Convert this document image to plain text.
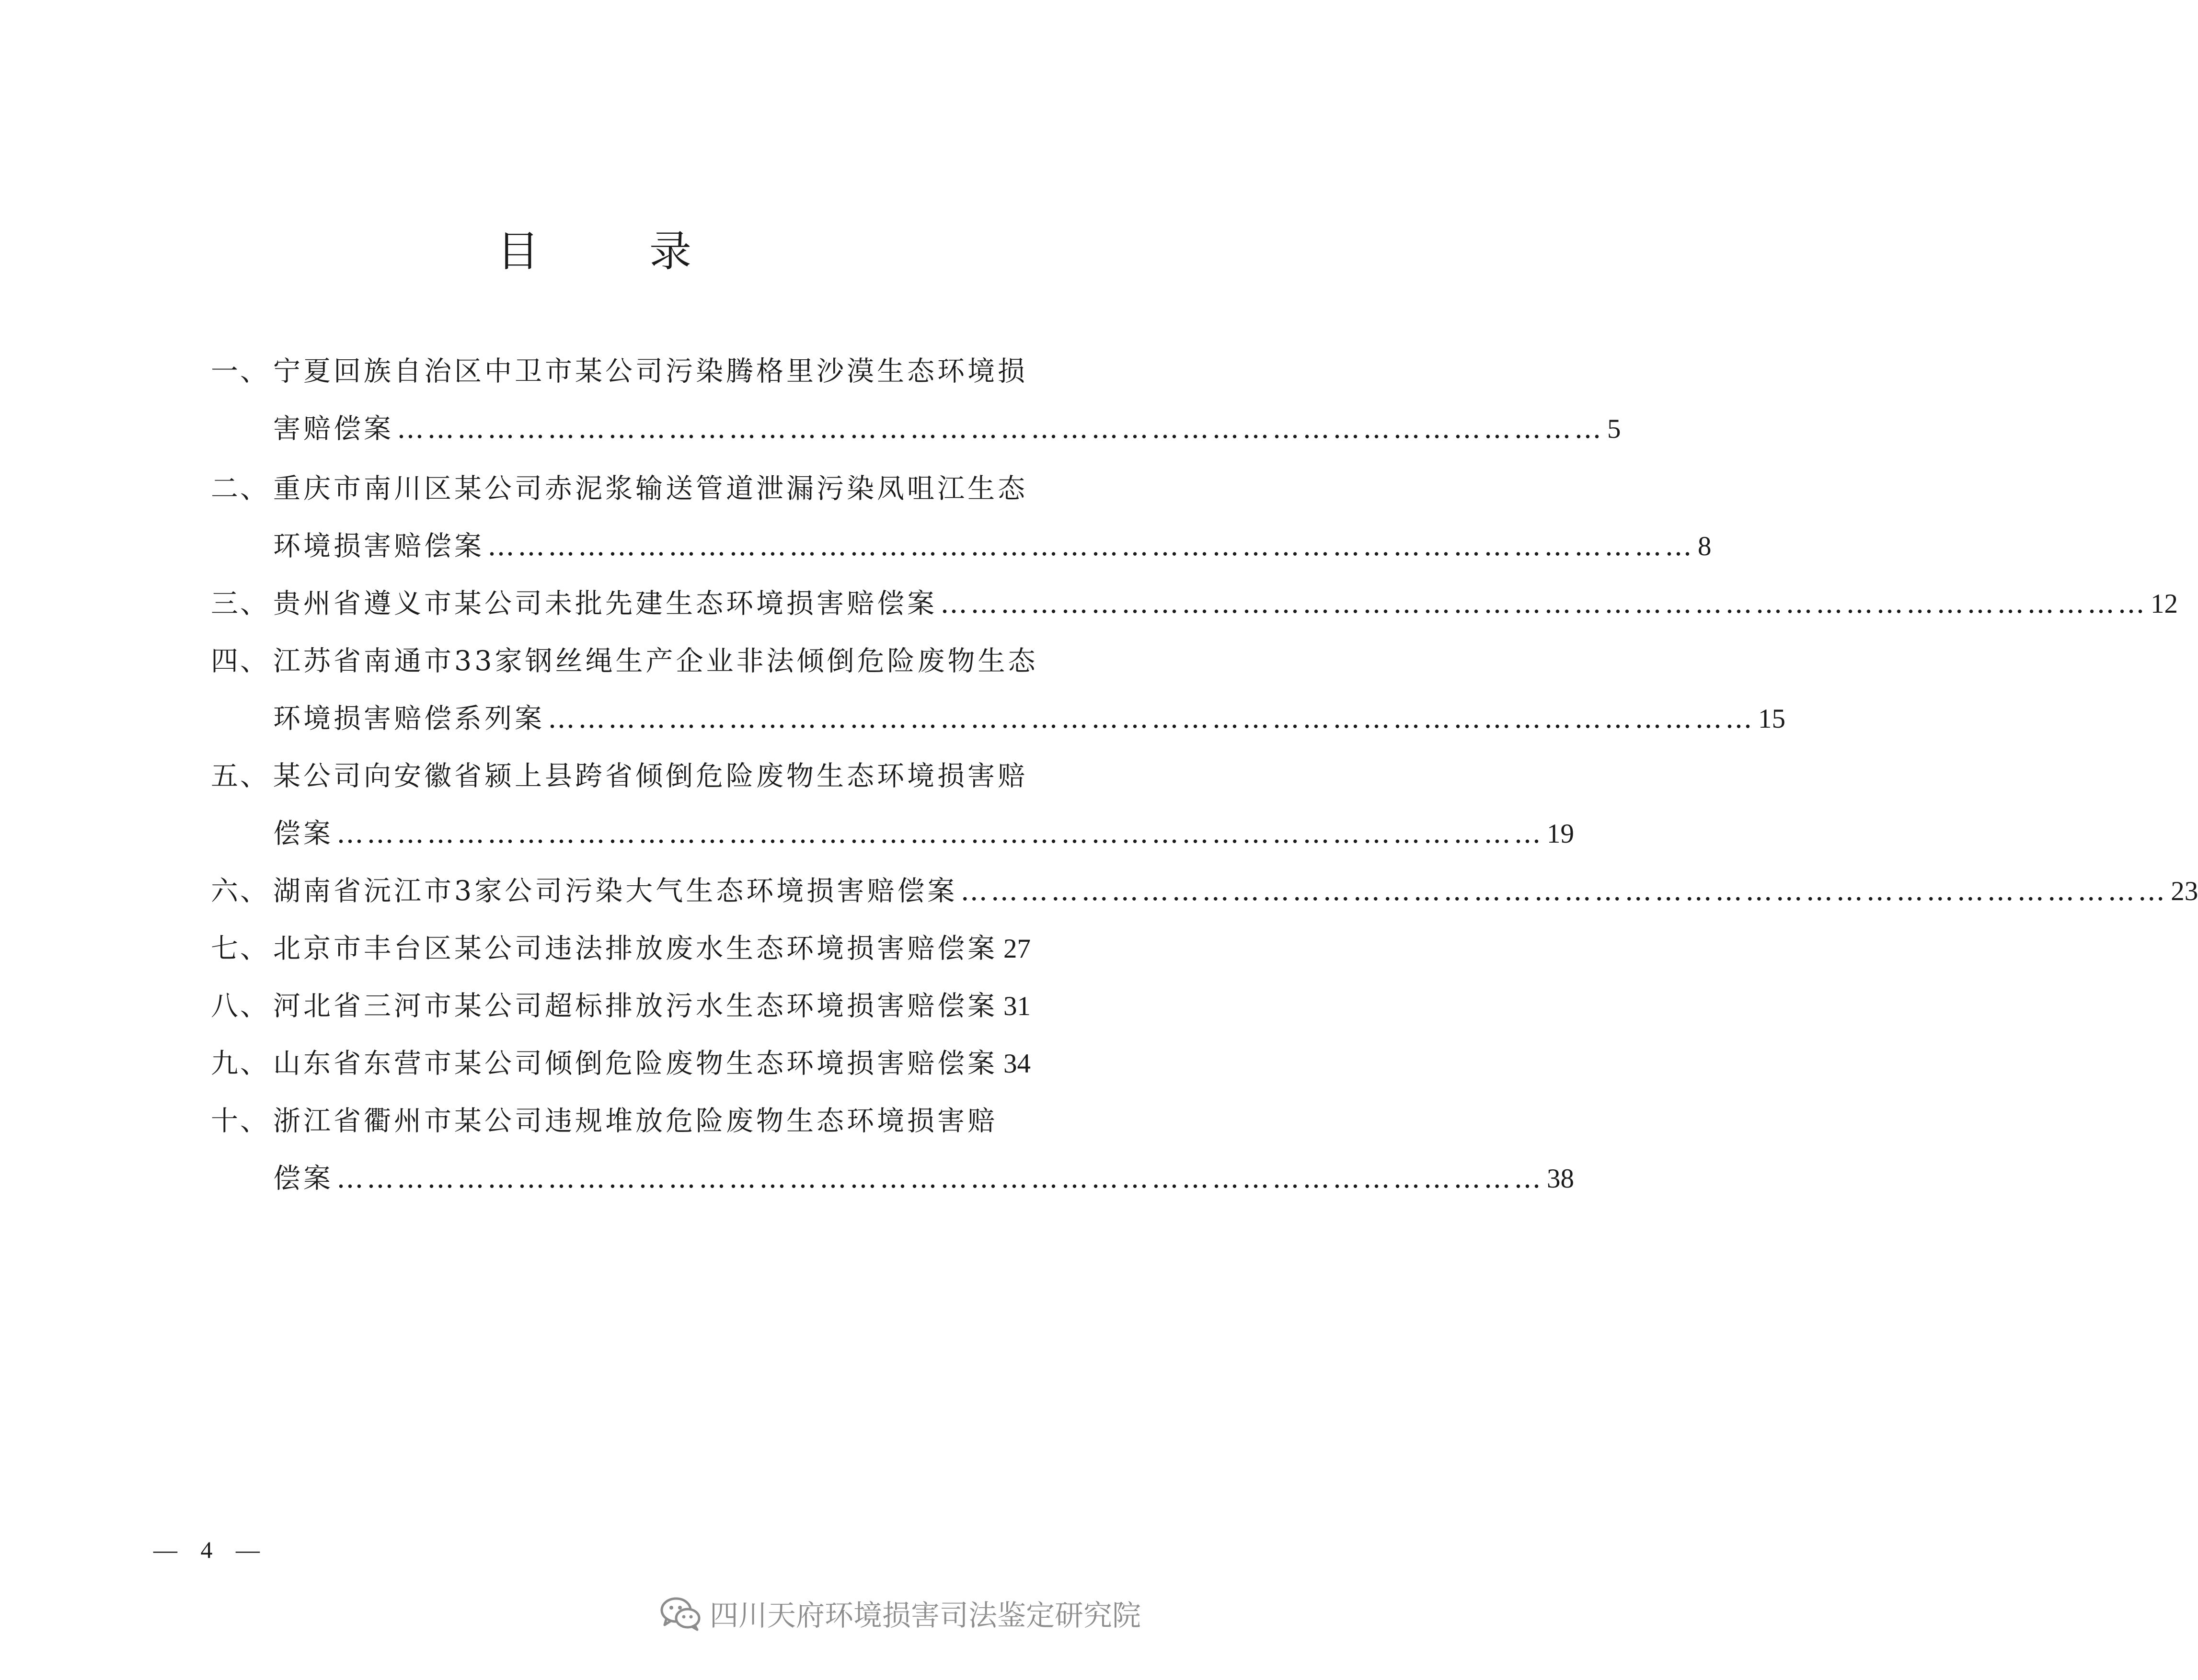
目	录
一、 宁夏回族自治区中卫市某公司污染腾格里沙漠生态环境损
害赔偿案 ………………………………………………………………………………………………………… 5
二、 重庆市南川区某公司赤泥浆输送管道泄漏污染凤咀江生态
环境损害赔偿案 ………………………………………………………………………………………………………… 8
三、 贵州省遵义市某公司未批先建生态环境损害赔偿案 ………………………………………………………………………………………………………… 12
四、 江苏省南通市33家钢丝绳生产企业非法倾倒危险废物生态
环境损害赔偿系列案 ………………………………………………………………………………………………………… 15
五、 某公司向安徽省颍上县跨省倾倒危险废物生态环境损害赔
偿案 ………………………………………………………………………………………………………… 19
六、 湖南省沅江市3家公司污染大气生态环境损害赔偿案 ………………………………………………………………………………………………………… 23
七、 北京市丰台区某公司违法排放废水生态环境损害赔偿案 27
八、 河北省三河市某公司超标排放污水生态环境损害赔偿案 31
九、 山东省东营市某公司倾倒危险废物生态环境损害赔偿案 34
十、 浙江省衢州市某公司违规堆放危险废物生态环境损害赔
偿案 ………………………………………………………………………………………………………… 38
— 4 —
四川天府环境损害司法鉴定研究院
